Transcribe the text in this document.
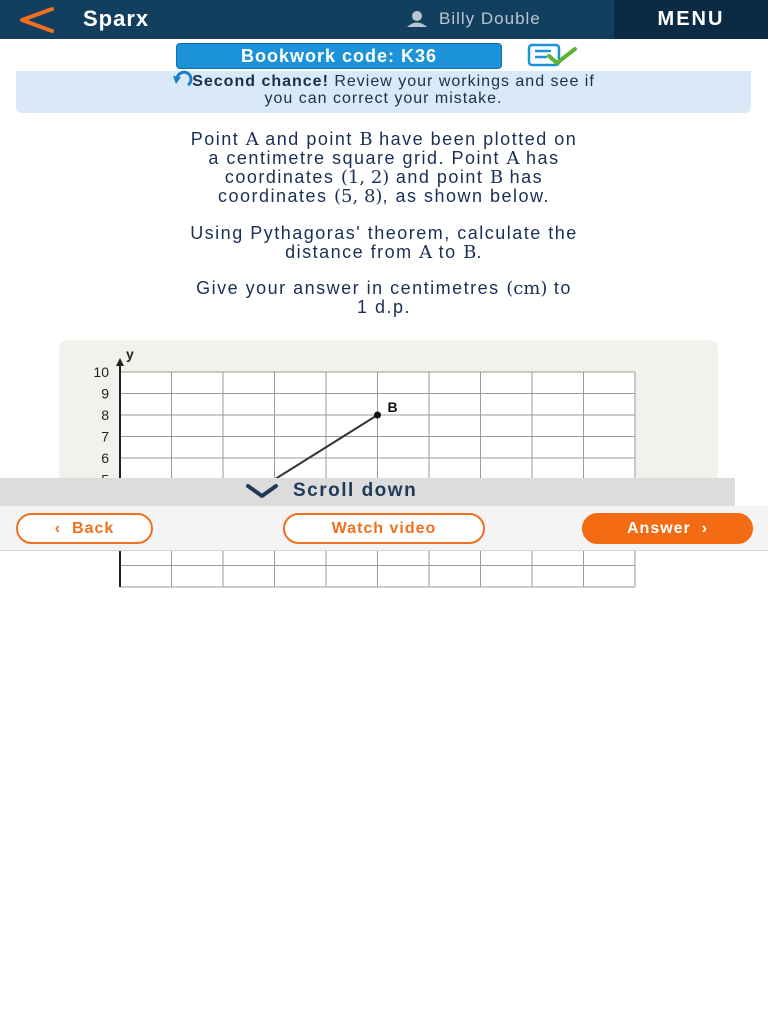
Sparx	Billy Double	MENU
Bookwork code: K36
Second chance! Review your workings and see if
you can correct your mistake.
Point A and point B have been plotted on
a centimetre square grid. Point A has
coordinates (1, 2) and point B has
coordinates (5, 8), as shown below.
Using Pythagoras' theorem, calculate the
distance from A to B.
Give your answer in centimetres (cm) to
1 d.p.
y
10
9
8
7
6
B
Scroll down
‹ Back	Watch video	Answer ›
